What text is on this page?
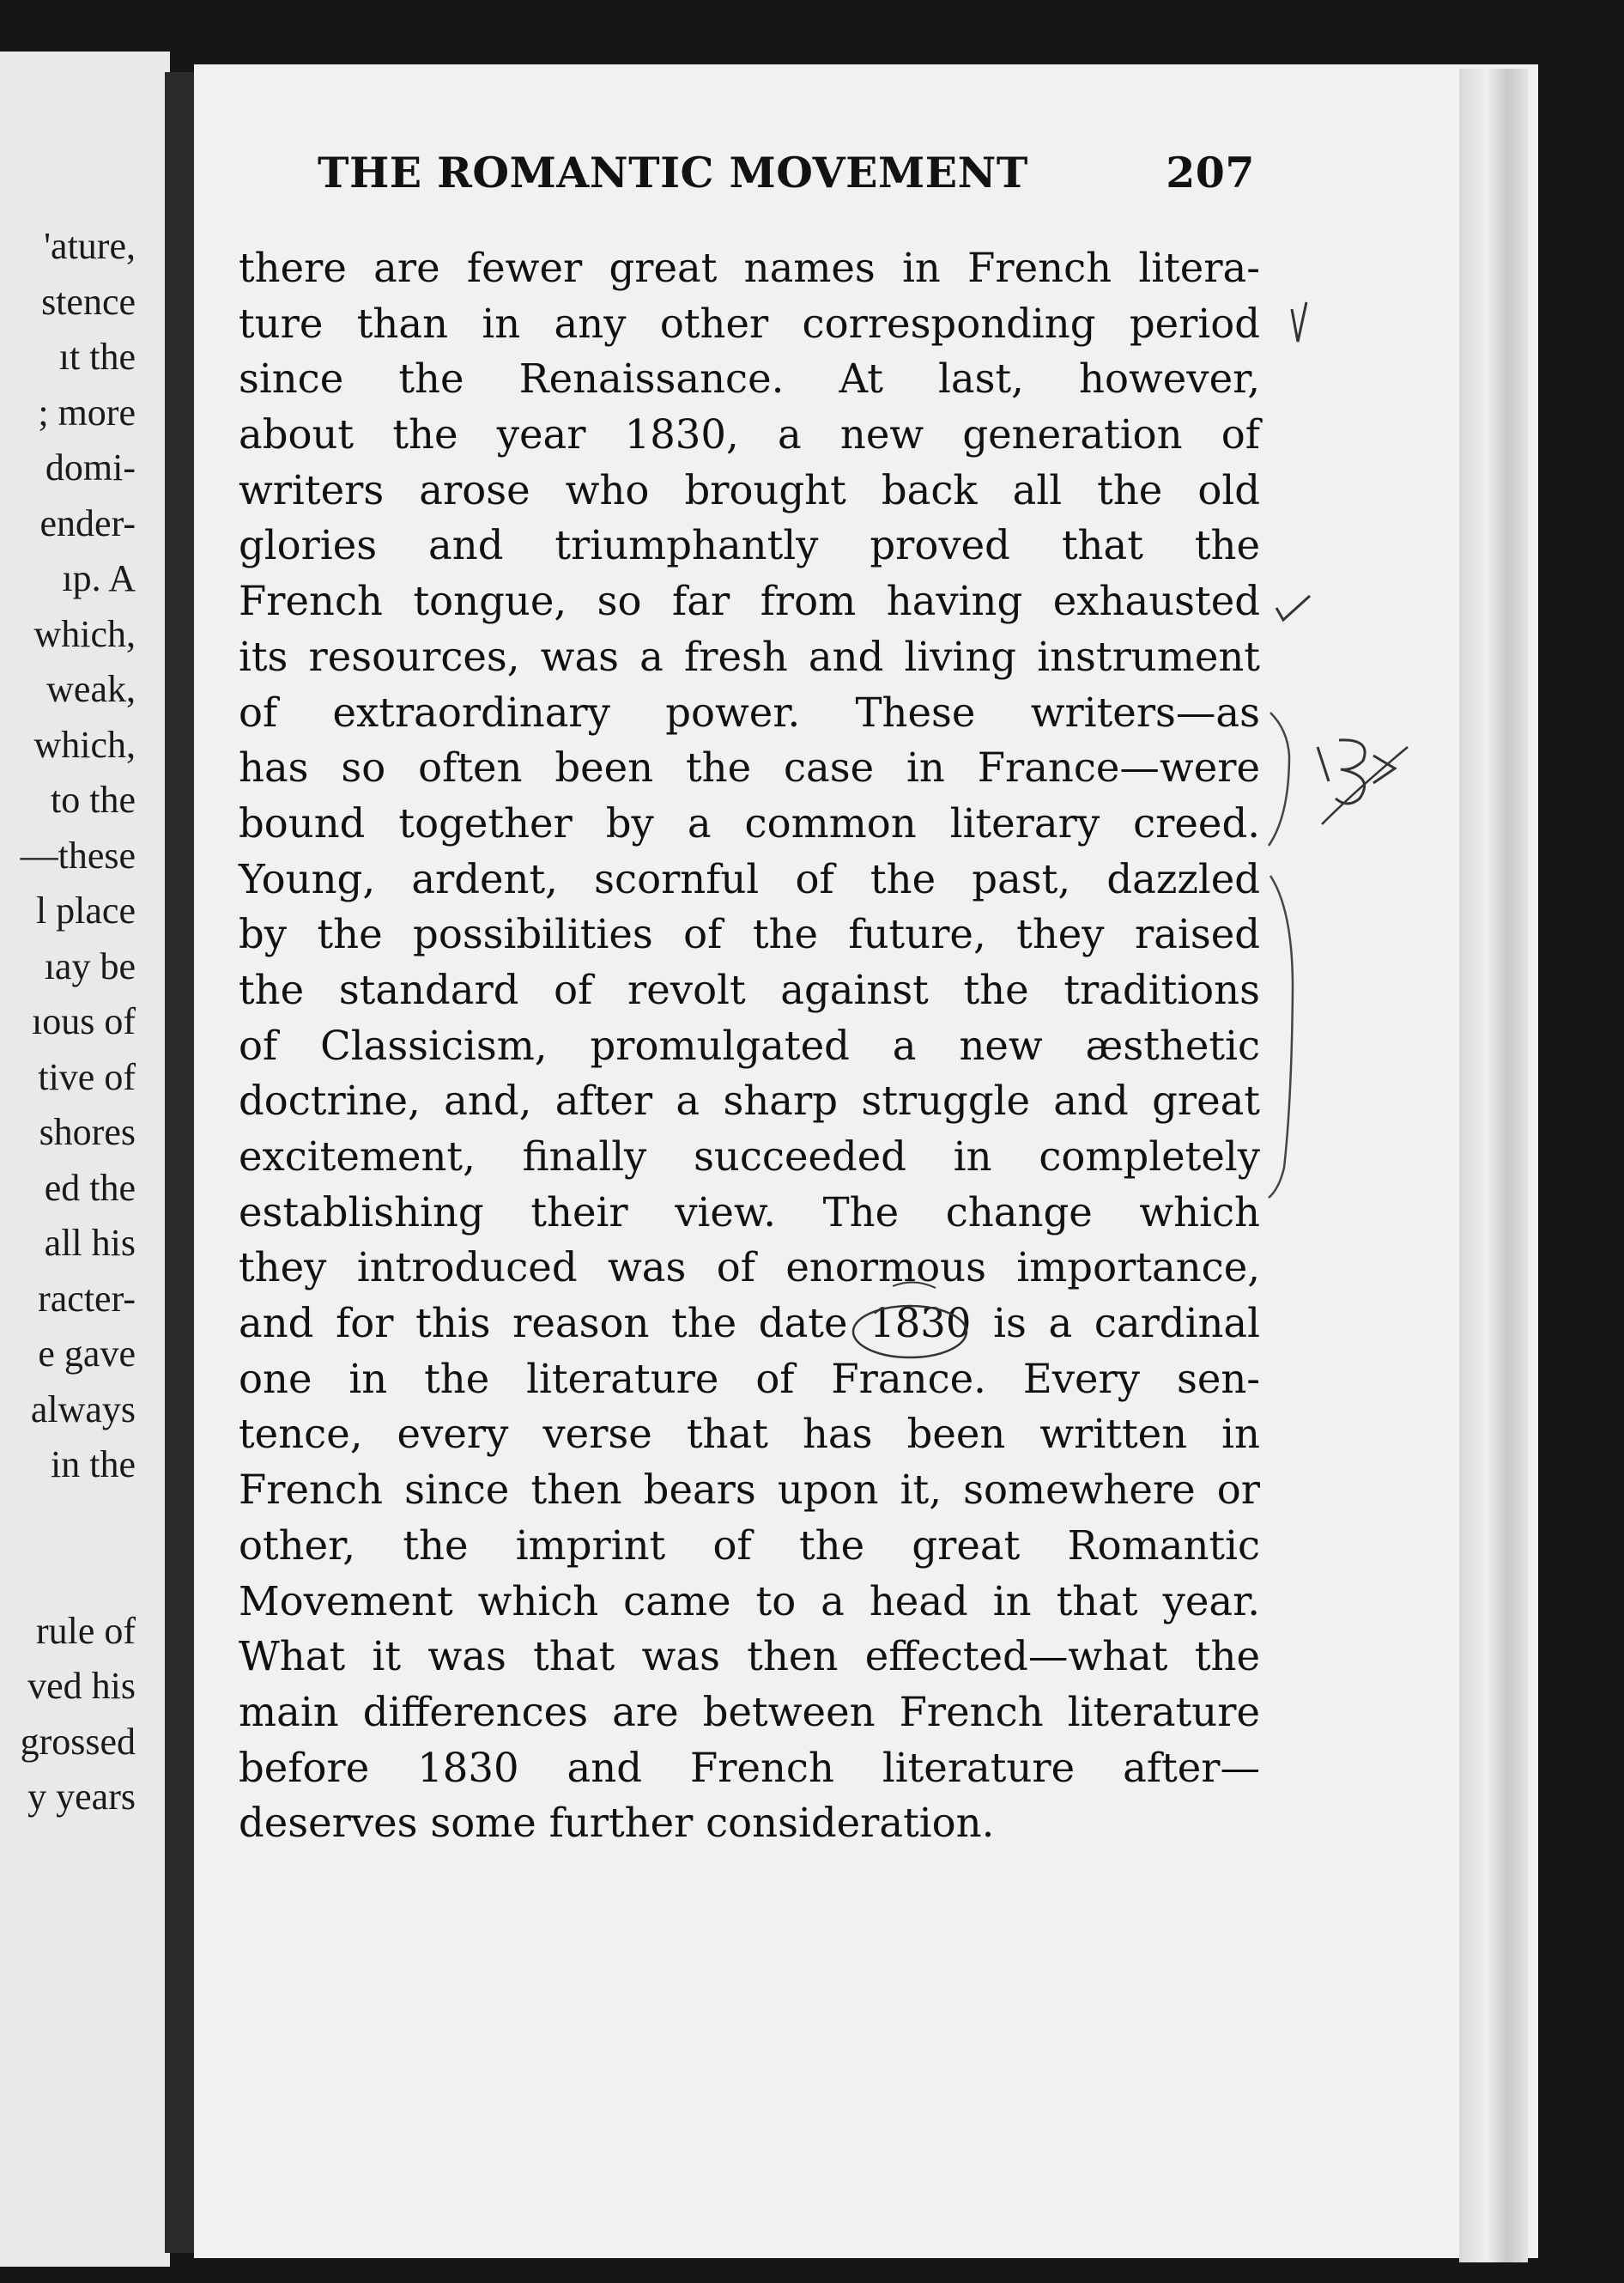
'ature,
stence
ıt the
; more
domi-
ender-
ıp. A
which,
weak,
which,
to the
—these
l place
ıay be
ıous of
tive of
shores
ed the
all his
racter-
e gave
always
in the
rule of
ved his
grossed
y years
THE ROMANTIC MOVEMENT	207
there are fewer great names in French litera-
ture than in any other corresponding period
since the Renaissance. At last, however,
about the year 1830, a new generation of
writers arose who brought back all the old
glories and triumphantly proved that the
French tongue, so far from having exhausted
its resources, was a fresh and living instrument
of extraordinary power. These writers—as
has so often been the case in France—were
bound together by a common literary creed.
Young, ardent, scornful of the past, dazzled
by the possibilities of the future, they raised
the standard of revolt against the traditions
of Classicism, promulgated a new æsthetic
doctrine, and, after a sharp struggle and great
excitement, finally succeeded in completely
establishing their view. The change which
they introduced was of enormous importance,
and for this reason the date 1830 is a cardinal
one in the literature of France. Every sen-
tence, every verse that has been written in
French since then bears upon it, somewhere or
other, the imprint of the great Romantic
Movement which came to a head in that year.
What it was that was then effected—what the
main differences are between French literature
before 1830 and French literature after—
deserves some further consideration.
